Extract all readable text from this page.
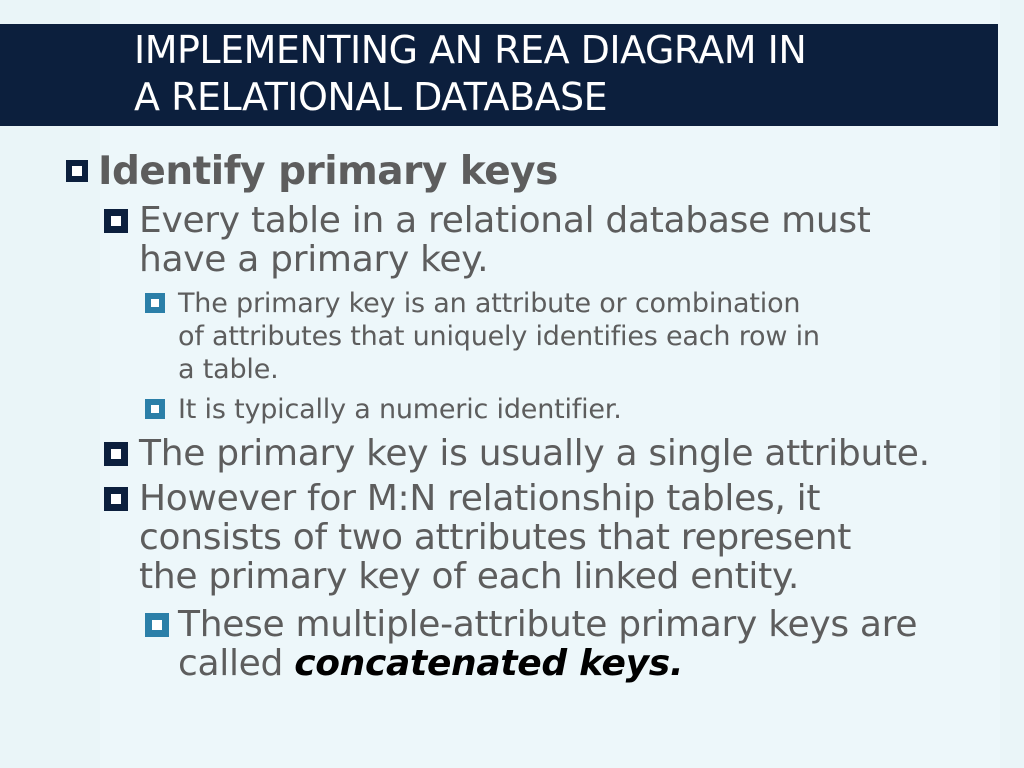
IMPLEMENTING AN REA DIAGRAM IN
A RELATIONAL DATABASE

Identify primary keys

Every table in a relational database must
have a primary key.

The primary key is an attribute or combination
of attributes that uniquely identifies each row in
a table.

It is typically a numeric identifier.

The primary key is usually a single attribute.

However for M:N relationship tables, it
consists of two attributes that represent
the primary key of each linked entity.

These multiple-attribute primary keys are
called concatenated keys.
